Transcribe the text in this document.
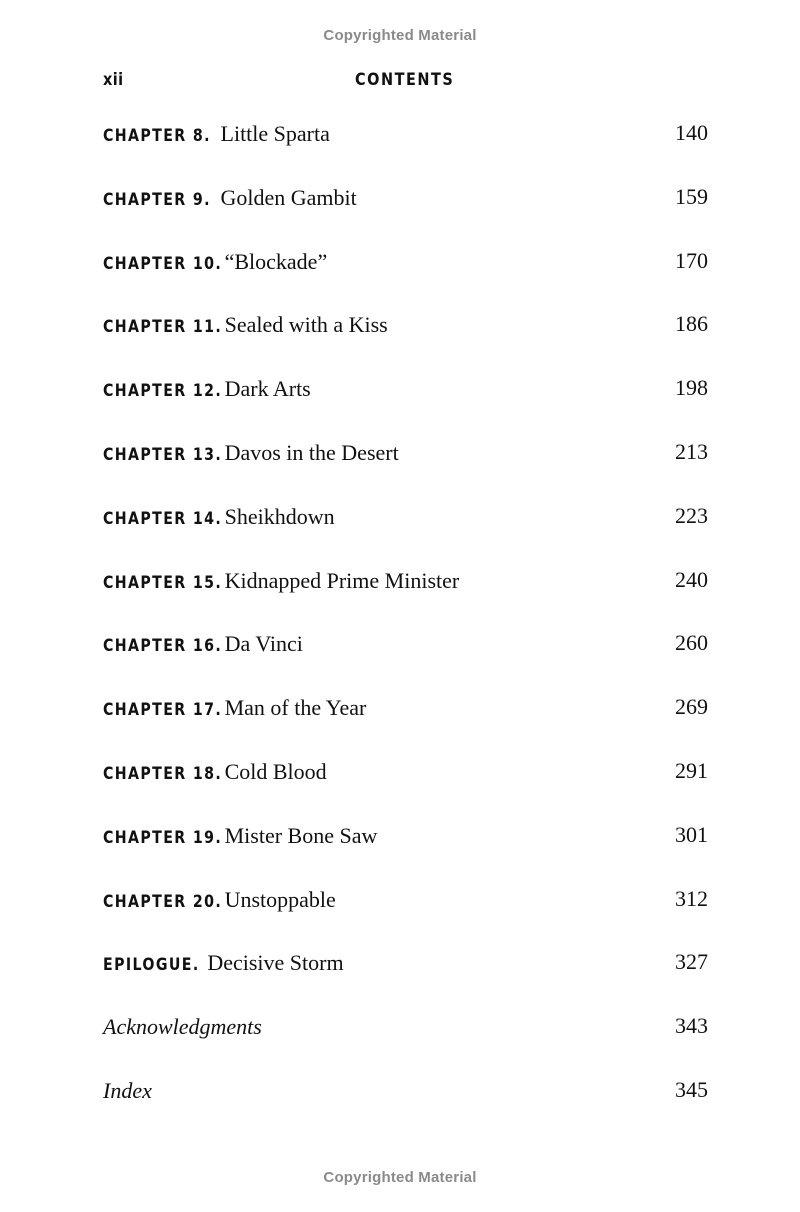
Copyrighted Material
xii	CONTENTS
CHAPTER 8. Little Sparta	140
CHAPTER 9. Golden Gambit	159
CHAPTER 10. “Blockade”	170
CHAPTER 11. Sealed with a Kiss	186
CHAPTER 12. Dark Arts	198
CHAPTER 13. Davos in the Desert	213
CHAPTER 14. Sheikhdown	223
CHAPTER 15. Kidnapped Prime Minister	240
CHAPTER 16. Da Vinci	260
CHAPTER 17. Man of the Year	269
CHAPTER 18. Cold Blood	291
CHAPTER 19. Mister Bone Saw	301
CHAPTER 20. Unstoppable	312
EPILOGUE. Decisive Storm	327
Acknowledgments	343
Index	345
Copyrighted Material
